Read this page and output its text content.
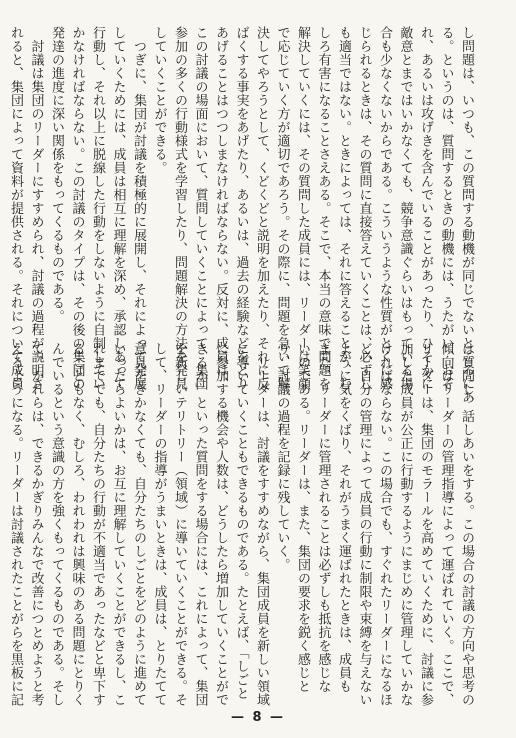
し問題は、いつも、この質問する動機が同じでないところにあ

る。というのは、質問するときの動機には、うたがい、おそ

れ、あるいは攻げきを含んでいることがあったり、ひそかに

敵意とまではいかなくても、競争意識ぐらいはもっている場

合も少なくないからである。こういうような性質がとくに感

じられるときは、その質問に直接答えていくことは、必ずし

も適当ではない。ときによっては、それに答えることが、む

しろ有害になることさえある。そこで、本当の意味で問題を

解決していくには、その質問した成員には、リーダーは笑顔

で応じていく方が適切であろう。その際に、問題を急いで解

決してやろうとして、くどくどと説明を加えたり、それに反

ばくする事実をあげたり、あるいは、過去の経験などをとり

あげることはつつしまなければならない。反対に、成員は、

この討議の場面において、質問していくことによって、集団

参加の多くの行動様式を学習したり、問題解決の方法を発見

していくことができる。

　つぎに、集団が討議を積極的に展開し、それによって発展

していくためには、成員は相互に理解を深め、承認しあって

行動し、それ以上に脱線した行動をしないように自制してい

かなければならない。この討議のタイプは、その後の集団の

発達の進度に深い関係をもってくるものである。

　討議は集団のリーダーにすすめられ、討議の過程が説明さ

れると、集団によって資料が提供される。それについて成員

は質問し、話しあいをする。この場合の討議の方向や思考の

傾向はリーダーの管理指導によって運ばれていく。ここで、

リーダーは、集団のモラールを高めていくために、討議に参

加した成員が公正に行動するようにまじめに管理していかな

ければならない。この場合でも、すぐれたリーダーになるほ

ど、自分の管理によって成員の行動に制限や束縛を与えない

ように気をくばり、それがうまく運ばれたときは、成員も

また、リーダーに管理されることは必ずしも抵抗を感じな

いのである。リーダーは、また、集団の要求を鋭く感じと

り、討議の過程を記録に残していく。

　リーダーは、討議をすすめながら、集団成員を新しい領域

に導いていくこともできるものである。たとえば、「しごと

に参加する機会や人数は、どうしたら増加していくことがで

きるか」といった質問をする場合には、これによって、集団

を新しいテリトリー（領域）に導いていくことができる。そ

して、リーダーの指導がうまいときは、成員は、とりたてて

意見をきかなくても、自分たちのしごとをどのように進めて

いったらよいかは、お互に理解していくことができるし、こ

れまででも、自分たちの行動が不適当であったなどと卑下す

ることもなく、むしろ、われわれは興味のある問題にとりく

んでいるという意識の方を強くもってくるものである。そし

て、かれらは、できるかぎりみんなで改善につとめようと考

えるようになる。リーダーは討議されたことがらを黒板に記

— 8 —
